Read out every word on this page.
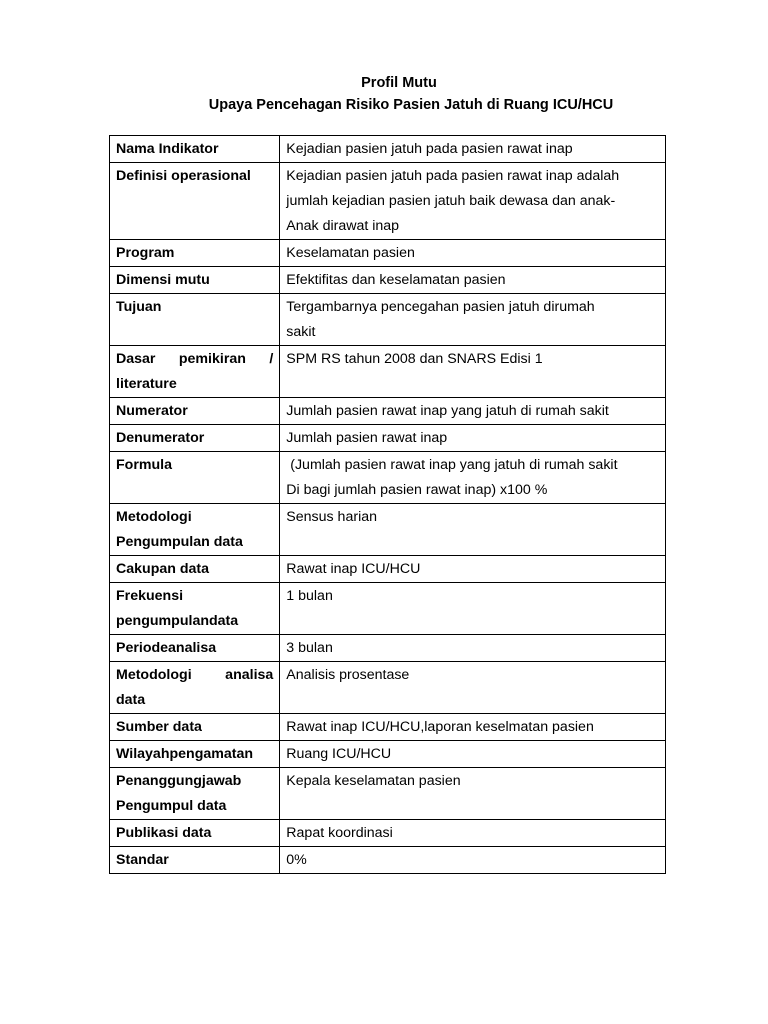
Profil Mutu
Upaya Pencehagan Risiko Pasien Jatuh di Ruang ICU/HCU
Nama Indikator	Kejadian pasien jatuh pada pasien rawat inap

Definisi operasional	Kejadian pasien jatuh pada pasien rawat inap adalah
jumlah kejadian pasien jatuh baik dewasa dan anak-
Anak dirawat inap

Program	Keselamatan pasien

Dimensi mutu	Efektifitas dan keselamatan pasien

Tujuan	Tergambarnya pencegahan pasien jatuh dirumah
sakit

Dasar pemikiran /
literature	SPM RS tahun 2008 dan SNARS Edisi 1

Numerator	Jumlah pasien rawat inap yang jatuh di rumah sakit

Denumerator	Jumlah pasien rawat inap

Formula	(Jumlah pasien rawat inap yang jatuh di rumah sakit
Di bagi jumlah pasien rawat inap) x100 %

Metodologi
Pengumpulan data	Sensus harian

Cakupan data	Rawat inap ICU/HCU

Frekuensi
pengumpulandata	1 bulan

Periodeanalisa	3 bulan

Metodologi analisa
data	Analisis prosentase

Sumber data	Rawat inap ICU/HCU,laporan keselmatan pasien

Wilayahpengamatan	Ruang ICU/HCU

Penanggungjawab
Pengumpul data	Kepala keselamatan pasien

Publikasi data	Rapat koordinasi

Standar	0%
